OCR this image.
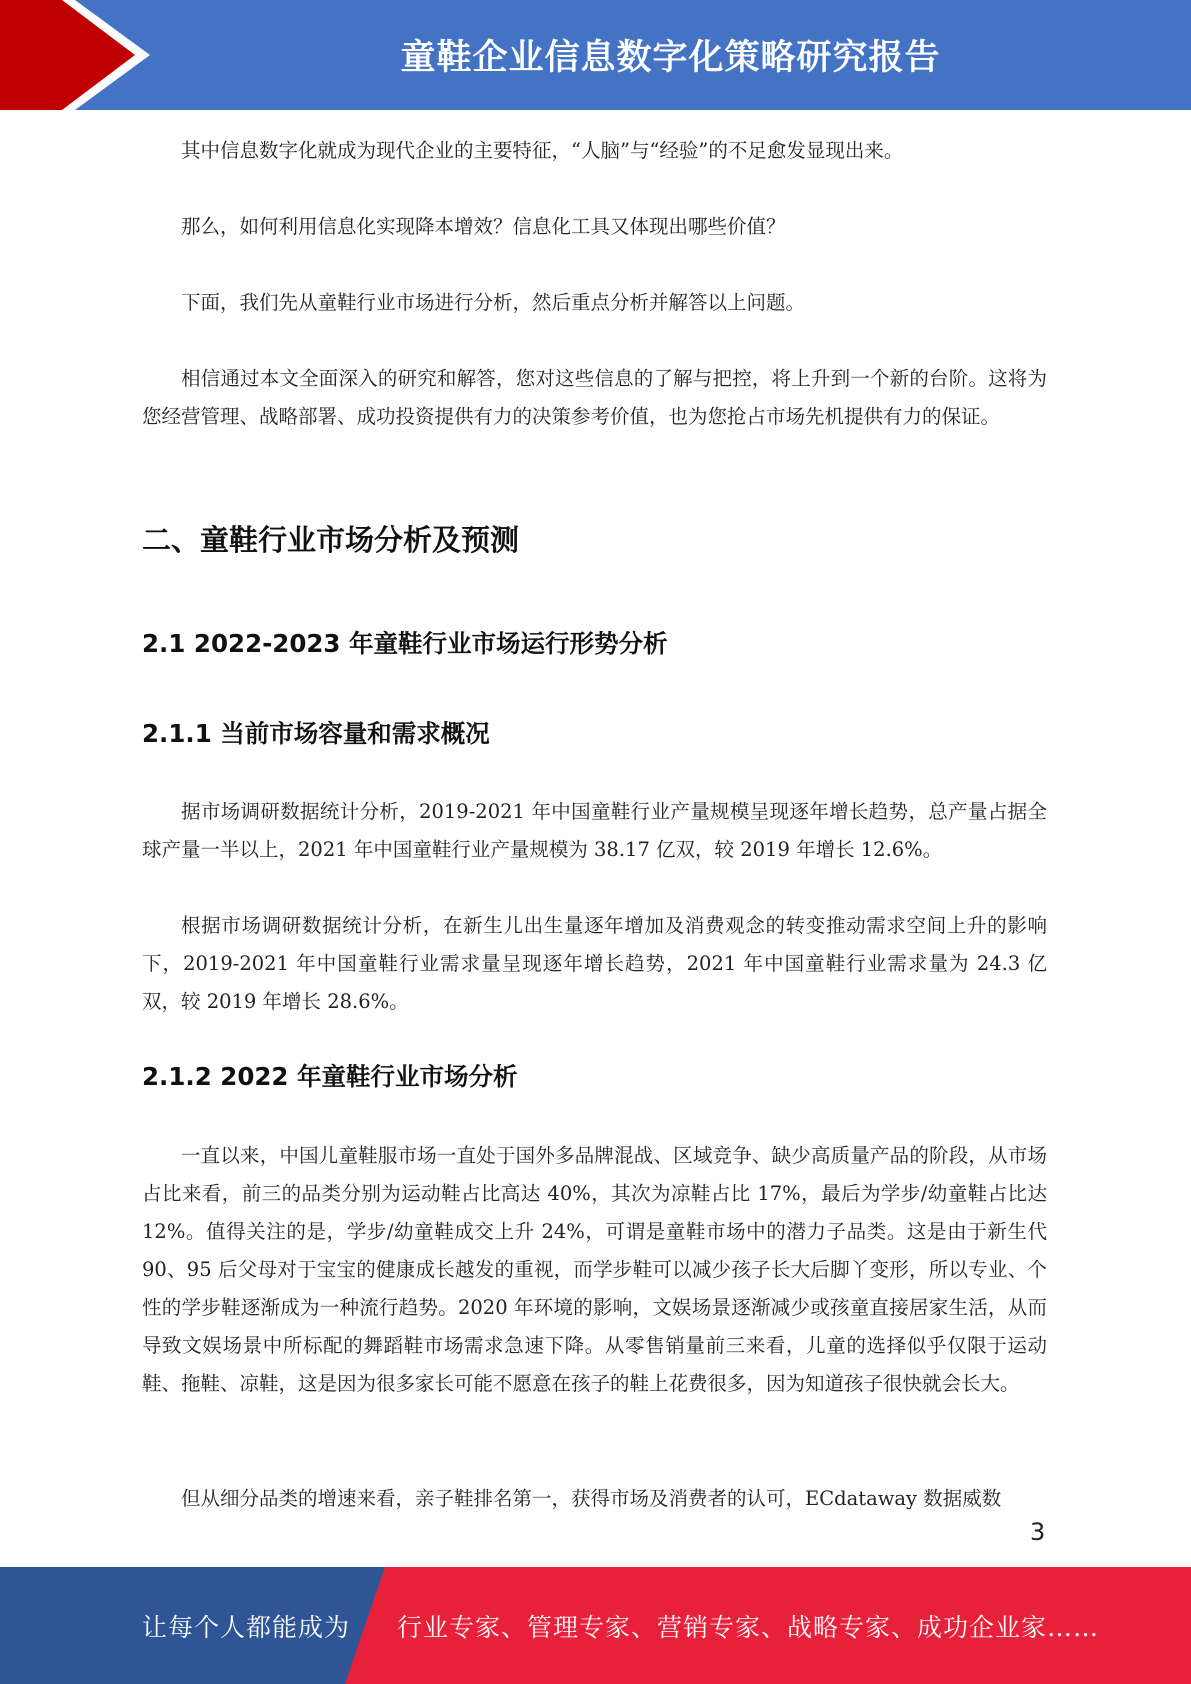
童鞋企业信息数字化策略研究报告

其中信息数字化就成为现代企业的主要特征，“人脑”与“经验”的不足愈发显现出来。

那么，如何利用信息化实现降本增效？信息化工具又体现出哪些价值？

下面，我们先从童鞋行业市场进行分析，然后重点分析并解答以上问题。

相信通过本文全面深入的研究和解答，您对这些信息的了解与把控，将上升到一个新的台阶。这将为您经营管理、战略部署、成功投资提供有力的决策参考价值，也为您抢占市场先机提供有力的保证。

二、童鞋行业市场分析及预测
2.1 2022-2023 年童鞋行业市场运行形势分析
2.1.1 当前市场容量和需求概况

据市场调研数据统计分析，2019-2021 年中国童鞋行业产量规模呈现逐年增长趋势，总产量占据全球产量一半以上，2021 年中国童鞋行业产量规模为 38.17 亿双，较 2019 年增长 12.6%。

根据市场调研数据统计分析，在新生儿出生量逐年增加及消费观念的转变推动需求空间上升的影响下，2019-2021 年中国童鞋行业需求量呈现逐年增长趋势，2021 年中国童鞋行业需求量为 24.3 亿双，较 2019 年增长 28.6%。

2.1.2 2022 年童鞋行业市场分析

一直以来，中国儿童鞋服市场一直处于国外多品牌混战、区域竞争、缺少高质量产品的阶段，从市场占比来看，前三的品类分别为运动鞋占比高达 40%，其次为凉鞋占比 17%，最后为学步/幼童鞋占比达 12%。值得关注的是，学步/幼童鞋成交上升 24%，可谓是童鞋市场中的潜力子品类。这是由于新生代 90、95 后父母对于宝宝的健康成长越发的重视，而学步鞋可以减少孩子长大后脚丫变形，所以专业、个性的学步鞋逐渐成为一种流行趋势。2020 年环境的影响，文娱场景逐渐减少或孩童直接居家生活，从而导致文娱场景中所标配的舞蹈鞋市场需求急速下降。从零售销量前三来看，儿童的选择似乎仅限于运动鞋、拖鞋、凉鞋，这是因为很多家长可能不愿意在孩子的鞋上花费很多，因为知道孩子很快就会长大。

但从细分品类的增速来看，亲子鞋排名第一，获得市场及消费者的认可，ECdataway 数据威数

3
让每个人都能成为 行业专家、管理专家、营销专家、战略专家、成功企业家……
